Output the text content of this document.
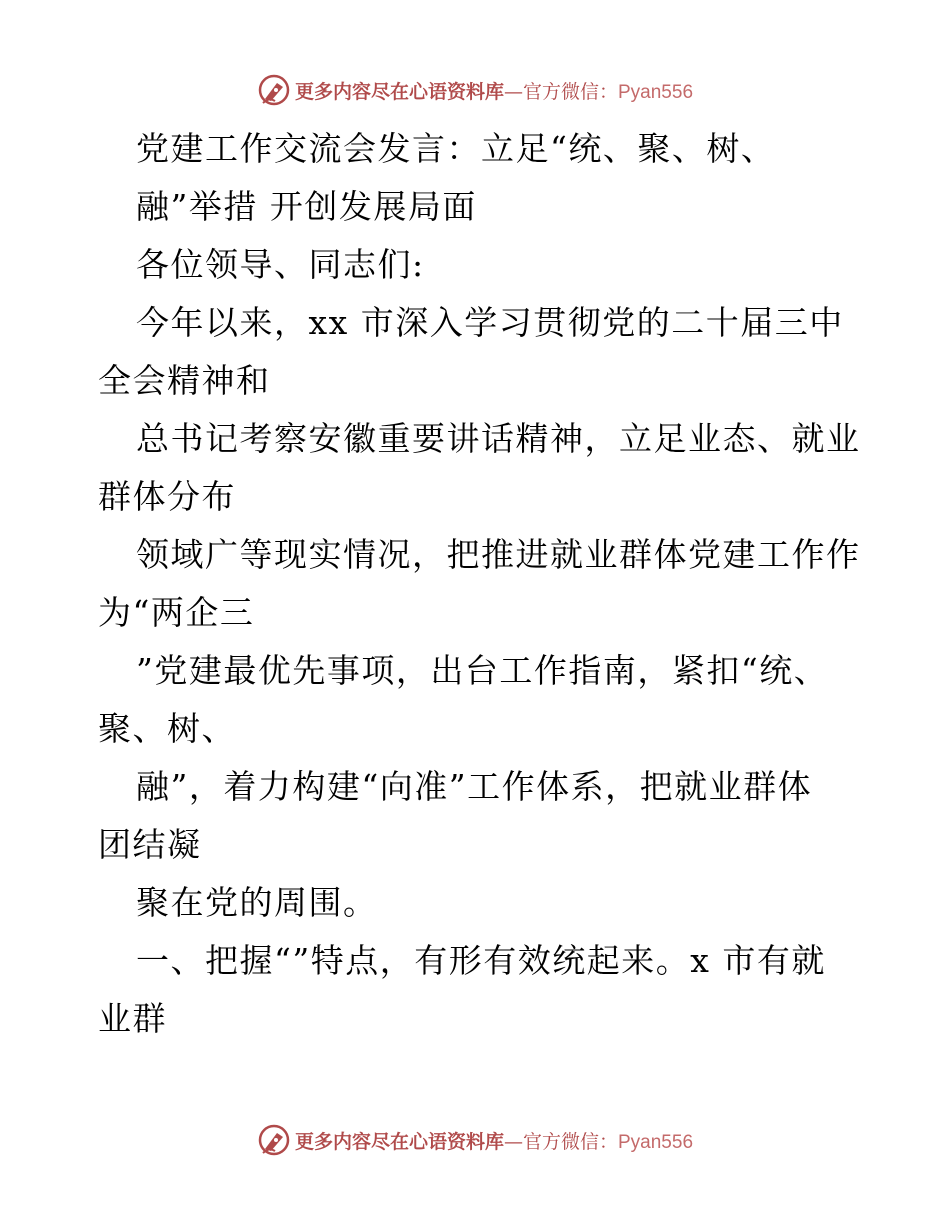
更多内容尽在心语资料库—官方微信：Pyan556
党建工作交流会发言：立足“统、聚、树、
融”举措 开创发展局面
各位领导、同志们:
今年以来，xx 市深入学习贯彻党的二十届三中
全会精神和
总书记考察安徽重要讲话精神，立足业态、就业
群体分布
领域广等现实情况，把推进就业群体党建工作作
为“两企三
”党建最优先事项，出台工作指南，紧扣“统、
聚、树、
融”，着力构建“向准”工作体系，把就业群体
团结凝
聚在党的周围。
一、把握“”特点，有形有效统起来。x 市有就
业群
更多内容尽在心语资料库—官方微信：Pyan556
